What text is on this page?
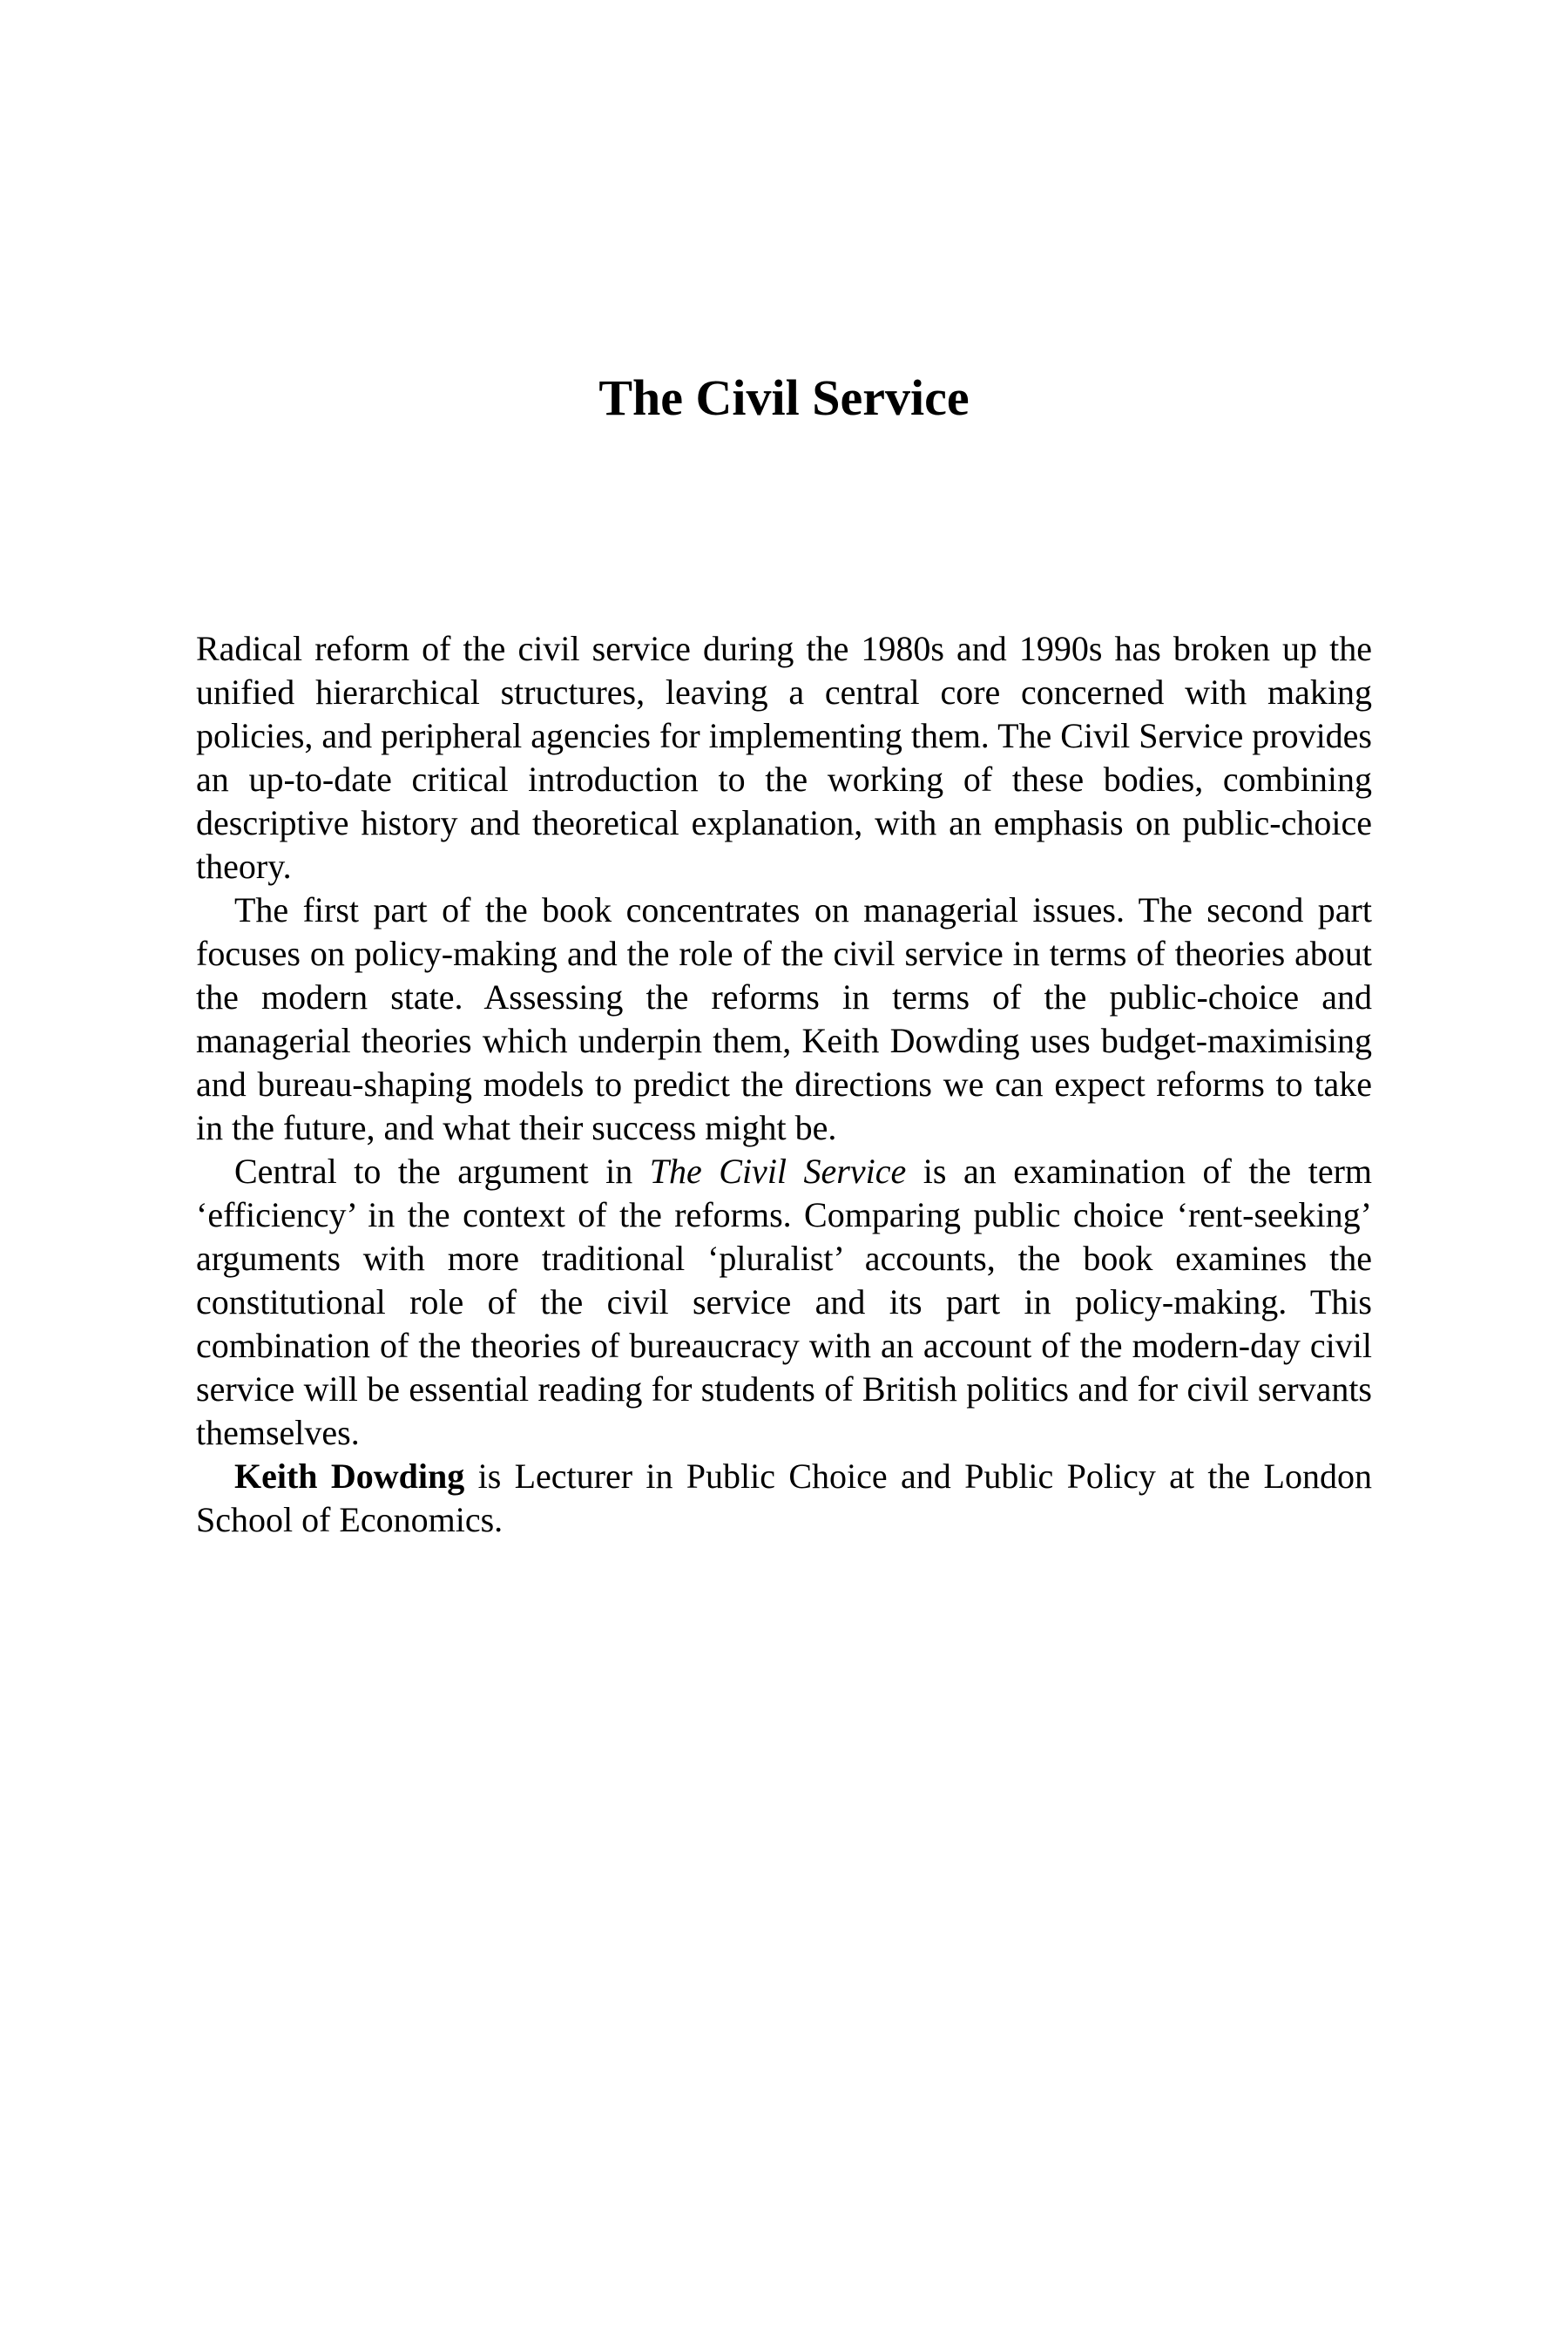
The Civil Service

Radical reform of the civil service during the 1980s and 1990s has broken up the unified hierarchical structures, leaving a central core concerned with making policies, and peripheral agencies for implementing them. The Civil Service provides an up-to-date critical introduction to the working of these bodies, combining descriptive history and theoretical explanation, with an emphasis on public-choice theory.

The first part of the book concentrates on managerial issues. The second part focuses on policy-making and the role of the civil service in terms of theories about the modern state. Assessing the reforms in terms of the public-choice and managerial theories which underpin them, Keith Dowding uses budget-maximising and bureau-shaping models to predict the directions we can expect reforms to take in the future, and what their success might be.

Central to the argument in The Civil Service is an examination of the term ‘efficiency’ in the context of the reforms. Comparing public choice ‘rent-seeking’ arguments with more traditional ‘pluralist’ accounts, the book examines the constitutional role of the civil service and its part in policy-making. This combination of the theories of bureaucracy with an account of the modern-day civil service will be essential reading for students of British politics and for civil servants themselves.

Keith Dowding is Lecturer in Public Choice and Public Policy at the London School of Economics.
